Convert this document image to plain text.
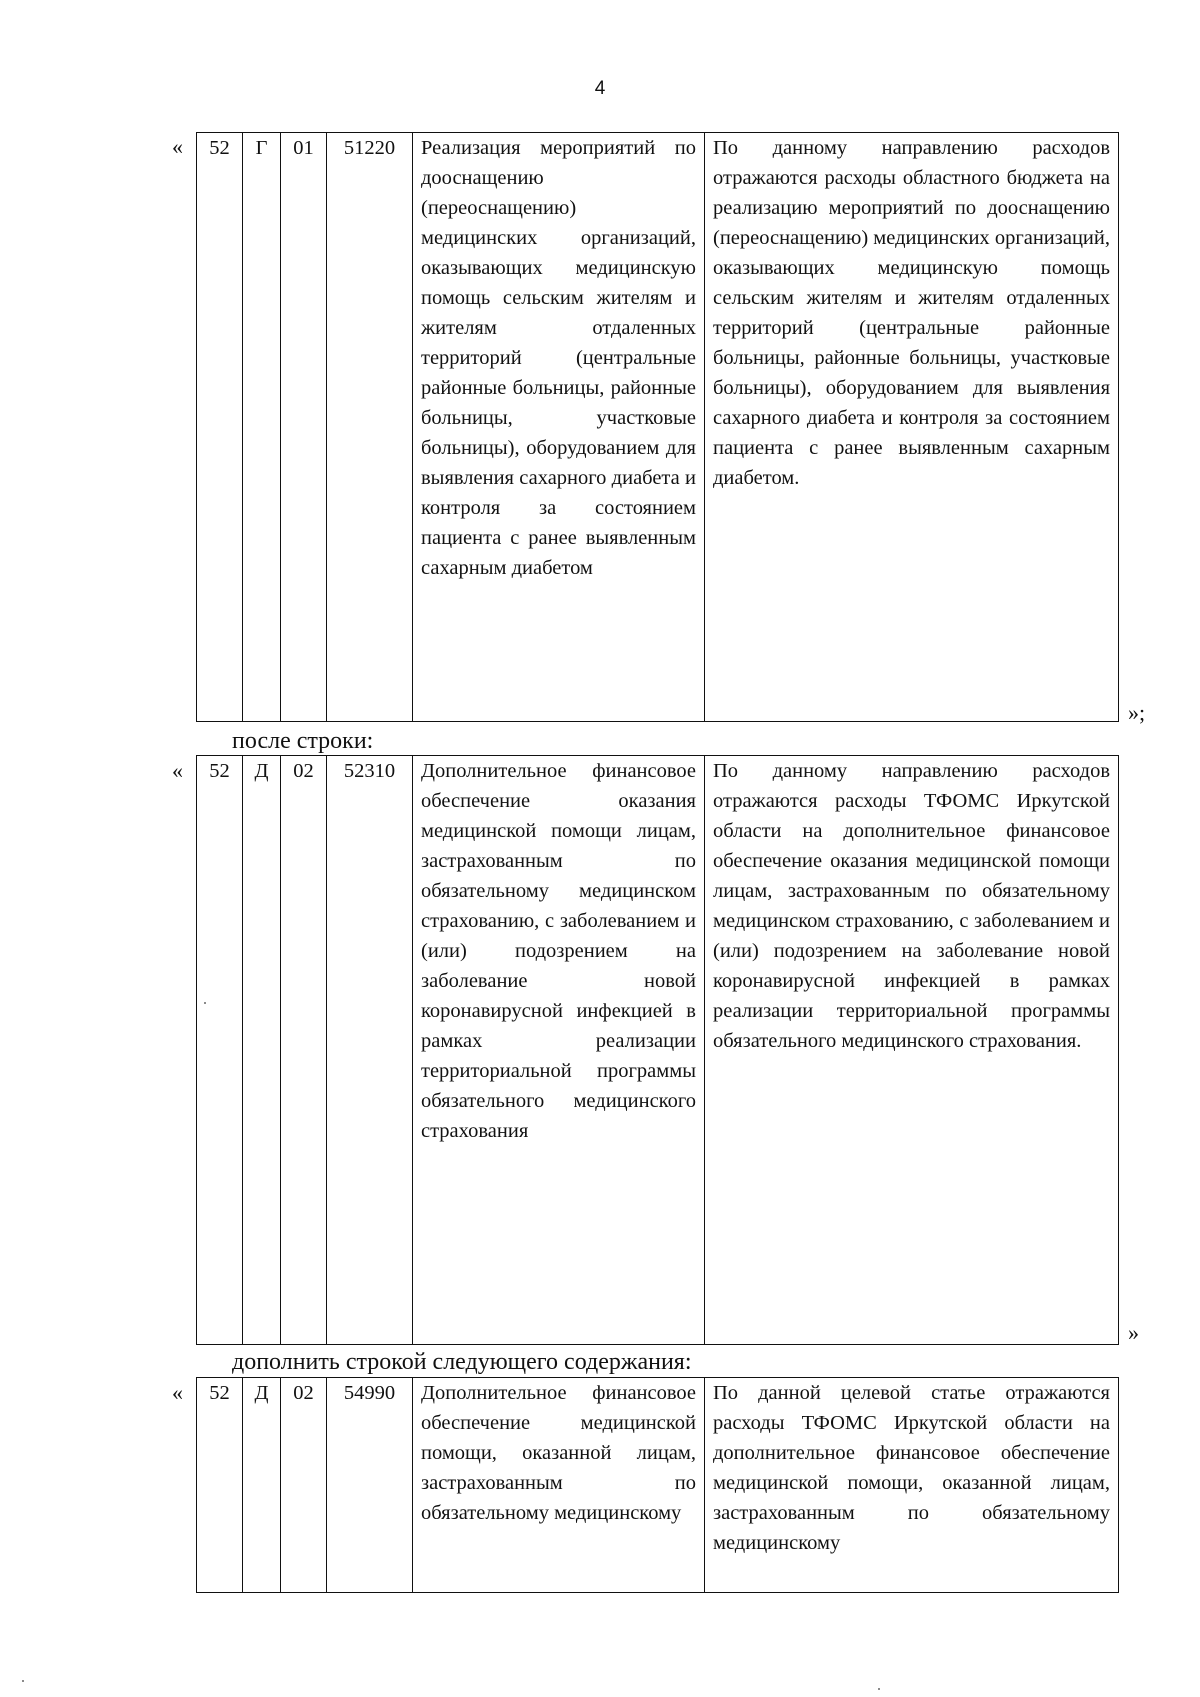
4
« 52	Г	01	51220	Реализация мероприятий по дооснащению (переоснащению) медицинских организаций, оказывающих медицинскую помощь сельским жителям и жителям отдаленных территорий (центральные районные больницы, районные больницы, участковые больницы), оборудованием для выявления сахарного диабета и контроля за состоянием пациента с ранее выявленным сахарным диабетом	По данному направлению расходов отражаются расходы областного бюджета на реализацию мероприятий по дооснащению (переоснащению) медицинских организаций, оказывающих медицинскую помощь сельским жителям и жителям отдаленных территорий (центральные районные больницы, районные больницы, участковые больницы), оборудованием для выявления сахарного диабета и контроля за состоянием пациента с ранее выявленным сахарным диабетом.
»;
после строки:
« 52	Д	02	52310	Дополнительное финансовое обеспечение оказания медицинской помощи лицам, застрахованным по обязательному медицинском страхованию, с заболеванием и (или) подозрением на заболевание новой коронавирусной инфекцией в рамках реализации территориальной программы обязательного медицинского страхования	По данному направлению расходов отражаются расходы ТФОМС Иркутской области на дополнительное финансовое обеспечение оказания медицинской помощи лицам, застрахованным по обязательному медицинском страхованию, с заболеванием и (или) подозрением на заболевание новой коронавирусной инфекцией в рамках реализации территориальной программы обязательного медицинского страхования.
»
дополнить строкой следующего содержания:
« 52	Д	02	54990	Дополнительное финансовое обеспечение медицинской помощи, оказанной лицам, застрахованным по обязательному медицинскому	По данной целевой статье отражаются расходы ТФОМС Иркутской области на дополнительное финансовое обеспечение медицинской помощи, оказанной лицам, застрахованным по обязательному медицинскому
